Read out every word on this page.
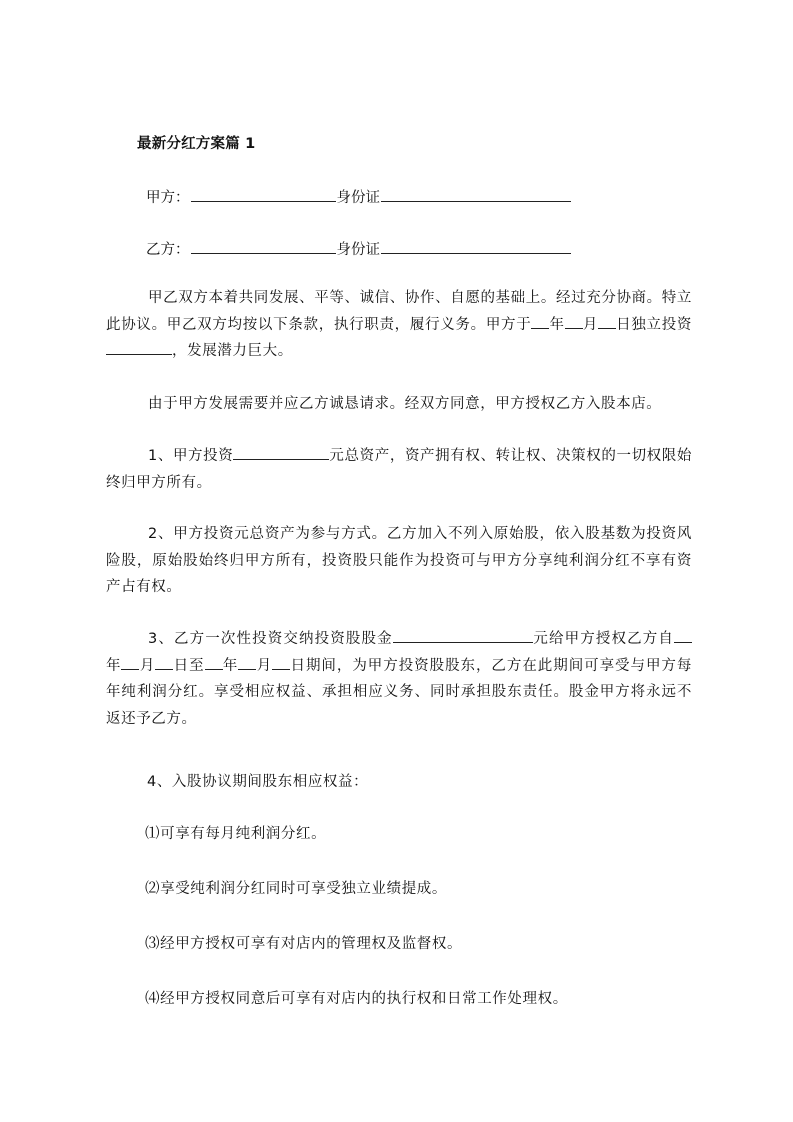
最新分红方案篇 1
甲方：	身份证
乙方：	身份证
甲乙双方本着共同发展、平等、诚信、协作、自愿的基础上。经过充分协商。特立此协议。甲乙双方均按以下条款，执行职责，履行义务。甲方于 年 月 日独立投资，发展潜力巨大。
由于甲方发展需要并应乙方诚恳请求。经双方同意，甲方授权乙方入股本店。
1、甲方投资	元总资产，资产拥有权、转让权、决策权的一切权限始终归甲方所有。
2、甲方投资元总资产为参与方式。乙方加入不列入原始股，依入股基数为投资风险股，原始股始终归甲方所有，投资股只能作为投资可与甲方分享纯利润分红不享有资产占有权。
3、乙方一次性投资交纳投资股股金	元给甲方授权乙方自年 月 日至 年 月 日期间，为甲方投资股股东，乙方在此期间可享受与甲方每年纯利润分红。享受相应权益、承担相应义务、同时承担股东责任。股金甲方将永远不返还予乙方。
4、入股协议期间股东相应权益：
⑴可享有每月纯利润分红。
⑵享受纯利润分红同时可享受独立业绩提成。
⑶经甲方授权可享有对店内的管理权及监督权。
⑷经甲方授权同意后可享有对店内的执行权和日常工作处理权。
